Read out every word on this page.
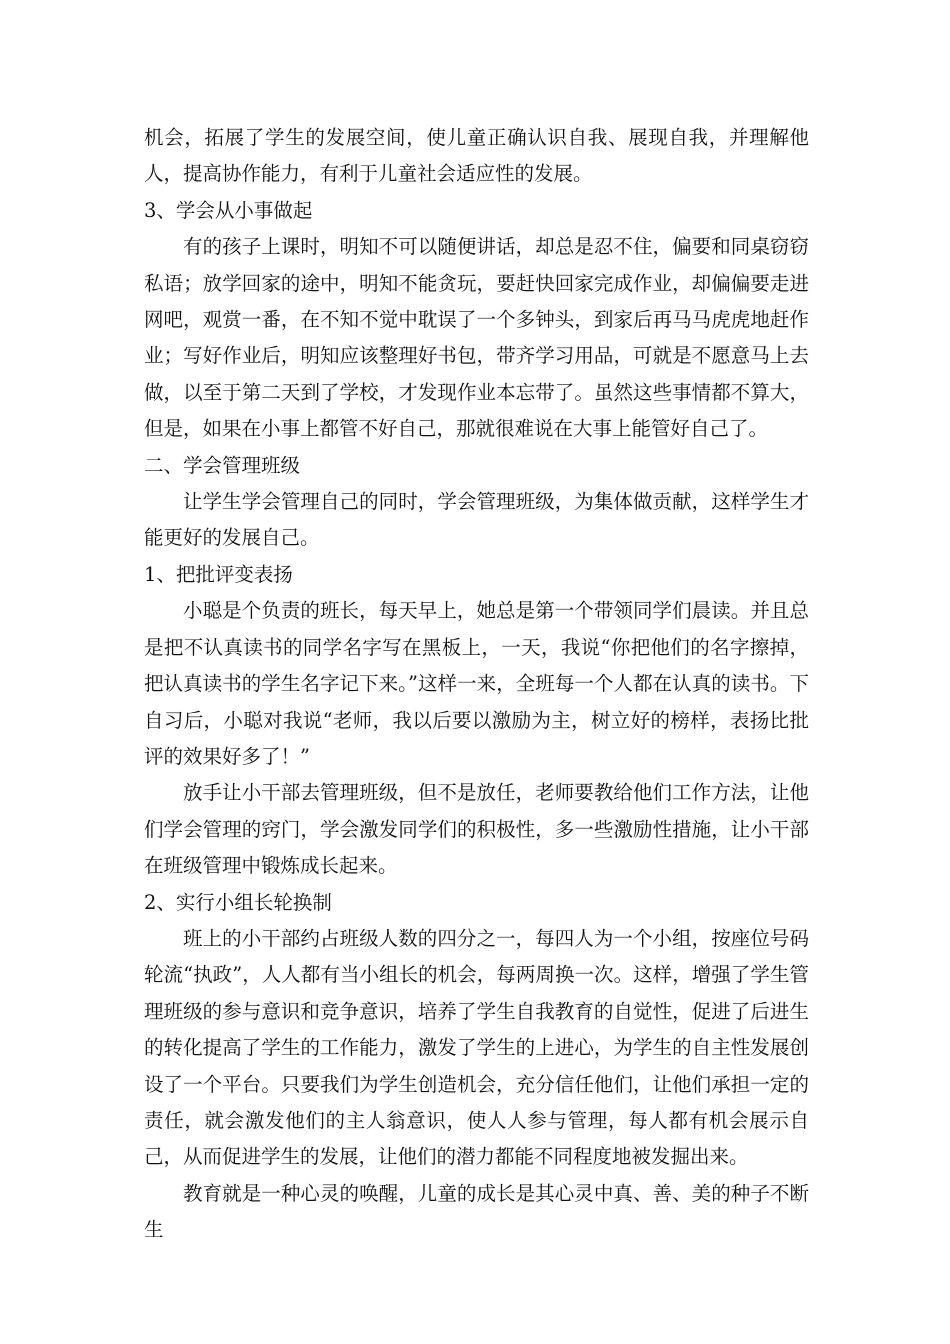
机会，拓展了学生的发展空间，使儿童正确认识自我、展现自我，并理解他人，提高协作能力，有利于儿童社会适应性的发展。

3、学会从小事做起

有的孩子上课时，明知不可以随便讲话，却总是忍不住，偏要和同桌窃窃私语；放学回家的途中，明知不能贪玩，要赶快回家完成作业，却偏偏要走进网吧，观赏一番，在不知不觉中耽误了一个多钟头，到家后再马马虎虎地赶作业；写好作业后，明知应该整理好书包，带齐学习用品，可就是不愿意马上去做，以至于第二天到了学校，才发现作业本忘带了。虽然这些事情都不算大，但是，如果在小事上都管不好自己，那就很难说在大事上能管好自己了。

二、学会管理班级

让学生学会管理自己的同时，学会管理班级，为集体做贡献，这样学生才能更好的发展自己。

1、把批评变表扬

小聪是个负责的班长，每天早上，她总是第一个带领同学们晨读。并且总是把不认真读书的同学名字写在黑板上，一天，我说“你把他们的名字擦掉，把认真读书的学生名字记下来。”这样一来，全班每一个人都在认真的读书。下自习后，小聪对我说“老师，我以后要以激励为主，树立好的榜样，表扬比批评的效果好多了！”

放手让小干部去管理班级，但不是放任，老师要教给他们工作方法，让他们学会管理的窍门，学会激发同学们的积极性，多一些激励性措施，让小干部在班级管理中锻炼成长起来。

2、实行小组长轮换制

班上的小干部约占班级人数的四分之一，每四人为一个小组，按座位号码轮流“执政”，人人都有当小组长的机会，每两周换一次。这样，增强了学生管理班级的参与意识和竞争意识，培养了学生自我教育的自觉性，促进了后进生的转化提高了学生的工作能力，激发了学生的上进心，为学生的自主性发展创设了一个平台。只要我们为学生创造机会，充分信任他们，让他们承担一定的责任，就会激发他们的主人翁意识，使人人参与管理，每人都有机会展示自己，从而促进学生的发展，让他们的潜力都能不同程度地被发掘出来。

教育就是一种心灵的唤醒，儿童的成长是其心灵中真、善、美的种子不断生
